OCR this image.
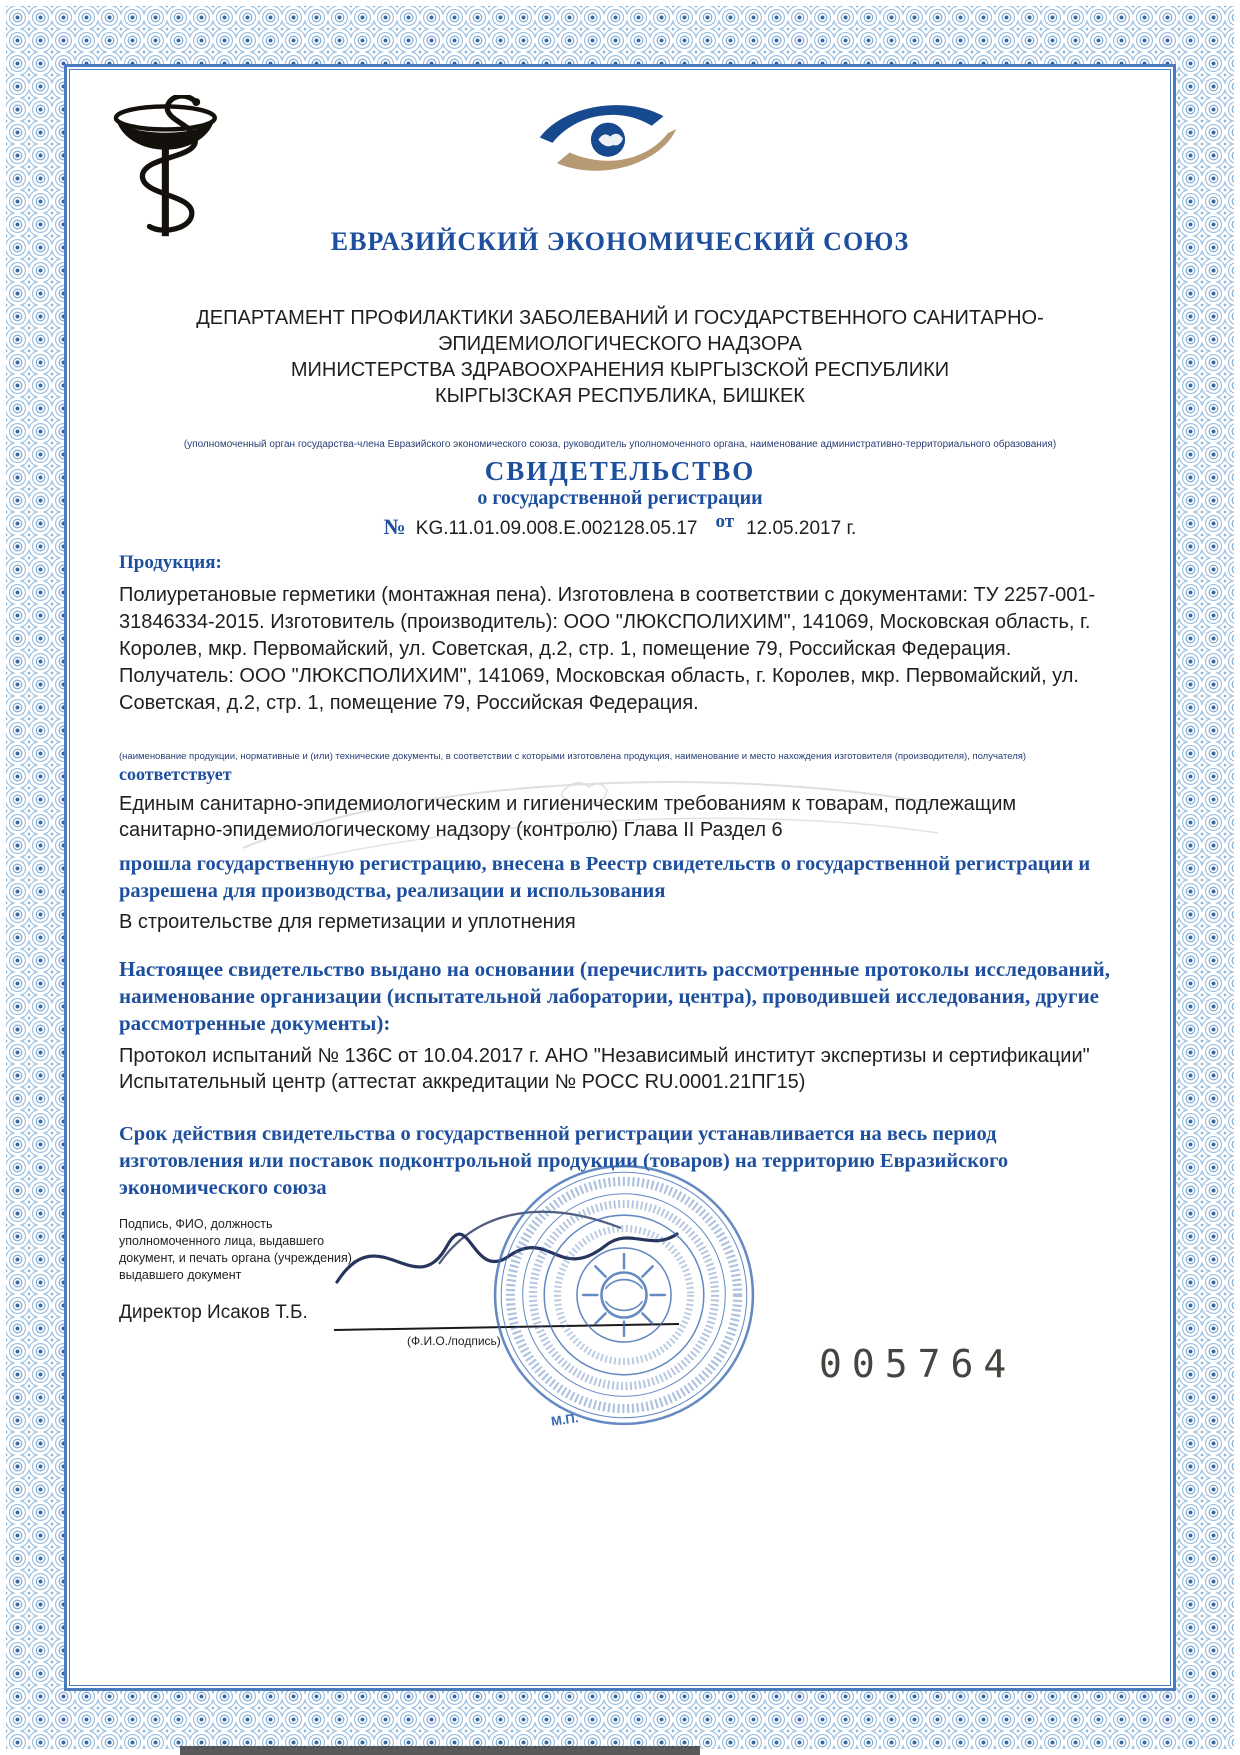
ЕВРАЗИЙСКИЙ ЭКОНОМИЧЕСКИЙ СОЮЗ
ДЕПАРТАМЕНТ ПРОФИЛАКТИКИ ЗАБОЛЕВАНИЙ И ГОСУДАРСТВЕННОГО САНИТАРНО-
ЭПИДЕМИОЛОГИЧЕСКОГО НАДЗОРА
МИНИСТЕРСТВА ЗДРАВООХРАНЕНИЯ КЫРГЫЗСКОЙ РЕСПУБЛИКИ
КЫРГЫЗСКАЯ РЕСПУБЛИКА, БИШКЕК
(уполномоченный орган государства-члена Евразийского экономического союза, руководитель уполномоченного органа, наименование административно-территориального образования)
СВИДЕТЕЛЬСТВО
о государственной регистрации
№ KG.11.01.09.008.Е.002128.05.17 от 12.05.2017 г.
Продукция:
Полиуретановые герметики (монтажная пена). Изготовлена в соответствии с документами: ТУ 2257-001-31846334-2015. Изготовитель (производитель): ООО "ЛЮКСПОЛИХИМ", 141069, Московская область, г. Королев, мкр. Первомайский, ул. Советская, д.2, стр. 1, помещение 79, Российская Федерация. Получатель: ООО "ЛЮКСПОЛИХИМ", 141069, Московская область, г. Королев, мкр. Первомайский, ул. Советская, д.2, стр. 1, помещение 79, Российская Федерация.
(наименование продукции, нормативные и (или) технические документы, в соответствии с которыми изготовлена продукция, наименование и место нахождения изготовителя (производителя), получателя)
соответствует
Единым санитарно-эпидемиологическим и гигиеническим требованиям к товарам, подлежащим санитарно-эпидемиологическому надзору (контролю) Глава II Раздел 6
прошла государственную регистрацию, внесена в Реестр свидетельств о государственной регистрации и разрешена для производства, реализации и использования
В строительстве для герметизации и уплотнения
Настоящее свидетельство выдано на основании (перечислить рассмотренные протоколы исследований, наименование организации (испытательной лаборатории, центра), проводившей исследования, другие рассмотренные документы):
Протокол испытаний № 136С от 10.04.2017 г. АНО "Независимый институт экспертизы и сертификации" Испытательный центр (аттестат аккредитации № РОСС RU.0001.21ПГ15)
Срок действия свидетельства о государственной регистрации устанавливается на весь период изготовления или поставок подконтрольной продукции (товаров) на территорию Евразийского экономического союза
Подпись, ФИО, должность уполномоченного лица, выдавшего документ, и печать органа (учреждения), выдавшего документ
Директор Исаков Т.Б.
(Ф.И.О./подпись)
М.П.
005764
